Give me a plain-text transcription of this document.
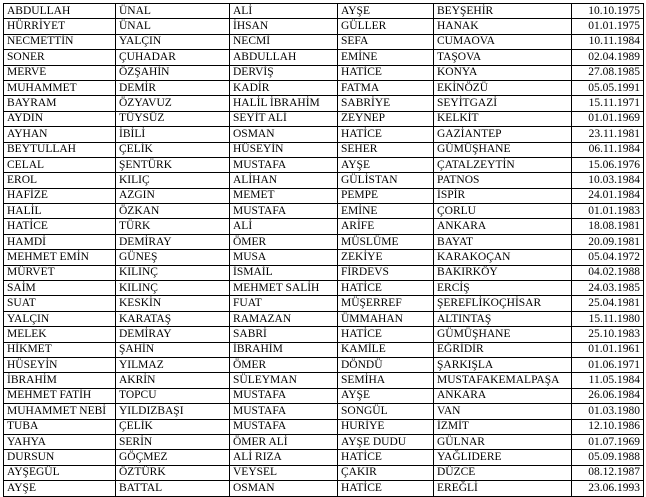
ABDULLAH	ÜNAL	ALİ	AYŞE	BEYŞEHİR	10.10.1975
HÜRRİYET	ÜNAL	İHSAN	GÜLLER	HANAK	01.01.1975
NECMETTİN	YALÇIN	NECMİ	SEFA	CUMAOVA	10.11.1984
SONER	ÇUHADAR	ABDULLAH	EMİNE	TAŞOVA	02.04.1989
MERVE	ÖZŞAHİN	DERVİŞ	HATİCE	KONYA	27.08.1985
MUHAMMET	DEMİR	KADİR	FATMA	EKİNÖZÜ	05.05.1991
BAYRAM	ÖZYAVUZ	HALİL İBRAHİM	SABRİYE	SEYİTGAZİ	15.11.1971
AYDIN	TÜYSÜZ	SEYİT ALİ	ZEYNEP	KELKİT	01.01.1969
AYHAN	İBİLİ	OSMAN	HATİCE	GAZİANTEP	23.11.1981
BEYTULLAH	ÇELİK	HÜSEYİN	SEHER	GÜMÜŞHANE	06.11.1984
CELAL	ŞENTÜRK	MUSTAFA	AYŞE	ÇATALZEYTİN	15.06.1976
EROL	KILIÇ	ALİHAN	GÜLİSTAN	PATNOS	10.03.1984
HAFİZE	AZGIN	MEMET	PEMPE	İSPİR	24.01.1984
HALİL	ÖZKAN	MUSTAFA	EMİNE	ÇORLU	01.01.1983
HATİCE	TÜRK	ALİ	ARİFE	ANKARA	18.08.1981
HAMDİ	DEMİRAY	ÖMER	MÜSLÜME	BAYAT	20.09.1981
MEHMET EMİN	GÜNEŞ	MUSA	ZEKİYE	KARAKOÇAN	05.04.1972
MÜRVET	KILINÇ	İSMAİL	FİRDEVS	BAKIRKÖY	04.02.1988
SAİM	KILINÇ	MEHMET SALİH	HATİCE	ERCİŞ	24.03.1985
SUAT	KESKİN	FUAT	MÜŞERREF	ŞEREFLİKOÇHİSAR	25.04.1981
YALÇIN	KARATAŞ	RAMAZAN	ÜMMAHAN	ALTINTAŞ	15.11.1980
MELEK	DEMİRAY	SABRİ	HATİCE	GÜMÜŞHANE	25.10.1983
HİKMET	ŞAHİN	İBRAHİM	KAMİLE	EĞRİDİR	01.01.1961
HÜSEYİN	YILMAZ	ÖMER	DÖNDÜ	ŞARKIŞLA	01.06.1971
İBRAHİM	AKRİN	SÜLEYMAN	SEMİHA	MUSTAFAKEMALPAŞA	11.05.1984
MEHMET FATİH	TOPCU	MUSTAFA	AYŞE	ANKARA	26.06.1984
MUHAMMET NEBİ	YILDIZBAŞI	MUSTAFA	SONGÜL	VAN	01.03.1980
TUBA	ÇELİK	MUSTAFA	HURİYE	İZMİT	12.10.1986
YAHYA	SERİN	ÖMER ALİ	AYŞE DUDU	GÜLNAR	01.07.1969
DURSUN	GÖÇMEZ	ALİ RIZA	HATİCE	YAĞLIDERE	05.09.1988
AYŞEGÜL	ÖZTÜRK	VEYSEL	ÇAKIR	DÜZCE	08.12.1987
AYŞE	BATTAL	OSMAN	HATİCE	EREĞLİ	23.06.1993
